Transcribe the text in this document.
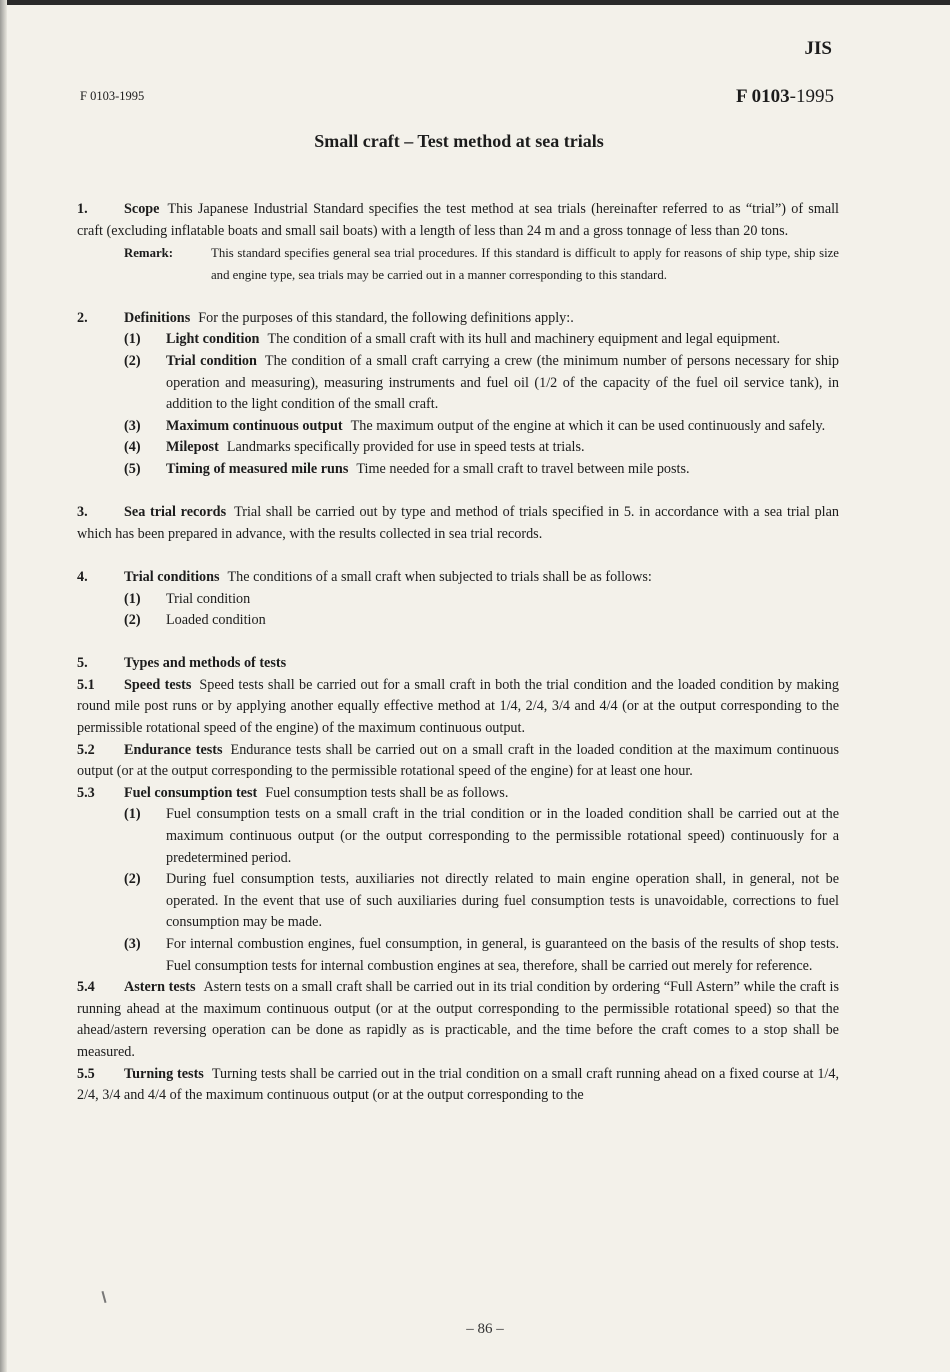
F 0103-1995
JIS
F 0103-1995
Small craft – Test method at sea trials

1.	Scope This Japanese Industrial Standard specifies the test method at sea trials (hereinafter referred to as “trial”) of small craft (excluding inflatable boats and small sail boats) with a length of less than 24 m and a gross tonnage of less than 20 tons.

Remark:	This standard specifies general sea trial procedures. If this standard is difficult to apply for reasons of ship type, ship size and engine type, sea trials may be carried out in a manner corresponding to this standard.

2.	Definitions For the purposes of this standard, the following definitions apply:.

(1)	Light condition The condition of a small craft with its hull and machinery equipment and legal equipment.
(2)	Trial condition The condition of a small craft carrying a crew (the minimum number of persons necessary for ship operation and measuring), measuring instruments and fuel oil (1/2 of the capacity of the fuel oil service tank), in addition to the light condition of the small craft.
(3)	Maximum continuous output The maximum output of the engine at which it can be used continuously and safely.
(4)	Milepost Landmarks specifically provided for use in speed tests at trials.
(5)	Timing of measured mile runs Time needed for a small craft to travel between mile posts.

3.	Sea trial records Trial shall be carried out by type and method of trials specified in 5. in accordance with a sea trial plan which has been prepared in advance, with the results collected in sea trial records.

4.	Trial conditions The conditions of a small craft when subjected to trials shall be as follows:

(1)	Trial condition
(2)	Loaded condition

5.	Types and methods of tests

5.1 Speed tests Speed tests shall be carried out for a small craft in both the trial condition and the loaded condition by making round mile post runs or by applying another equally effective method at 1/4, 2/4, 3/4 and 4/4 (or at the output corresponding to the permissible rotational speed of the engine) of the maximum continuous output.

5.2 Endurance tests Endurance tests shall be carried out on a small craft in the loaded condition at the maximum continuous output (or at the output corresponding to the permissible rotational speed of the engine) for at least one hour.

5.3 Fuel consumption test Fuel consumption tests shall be as follows.

(1)	Fuel consumption tests on a small craft in the trial condition or in the loaded condition shall be carried out at the maximum continuous output (or the output corresponding to the permissible rotational speed) continuously for a predetermined period.
(2)	During fuel consumption tests, auxiliaries not directly related to main engine operation shall, in general, not be operated. In the event that use of such auxiliaries during fuel consumption tests is unavoidable, corrections to fuel consumption may be made.
(3)	For internal combustion engines, fuel consumption, in general, is guaranteed on the basis of the results of shop tests. Fuel consumption tests for internal combustion engines at sea, therefore, shall be carried out merely for reference.

5.4 Astern tests Astern tests on a small craft shall be carried out in its trial condition by ordering “Full Astern” while the craft is running ahead at the maximum continuous output (or at the output corresponding to the permissible rotational speed) so that the ahead/astern reversing operation can be done as rapidly as is practicable, and the time before the craft comes to a stop shall be measured.

5.5 Turning tests Turning tests shall be carried out in the trial condition on a small craft running ahead on a fixed course at 1/4, 2/4, 3/4 and 4/4 of the maximum continuous output (or at the output corresponding to the

– 86 –
